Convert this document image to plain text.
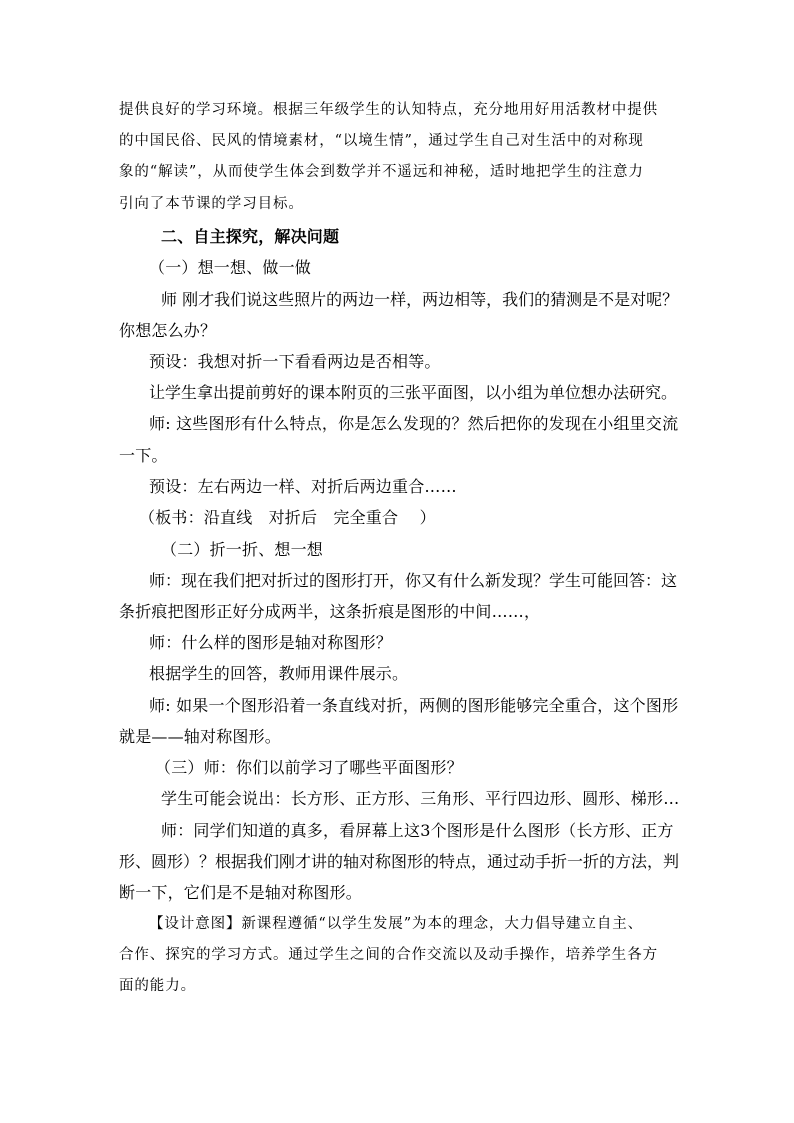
提供良好的学习环境。根据三年级学生的认知特点，充分地用好用活教材中提供
的中国民俗、民风的情境素材，“以境生情”，通过学生自己对生活中的对称现
象的“解读”，从而使学生体会到数学并不遥远和神秘，适时地把学生的注意力
引向了本节课的学习目标。
二、自主探究，解决问题
（一）想一想、做一做
师 刚才我们说这些照片的两边一样，两边相等，我们的猜测是不是对呢？
你想怎么办？
预设：我想对折一下看看两边是否相等。
让学生拿出提前剪好的课本附页的三张平面图，以小组为单位想办法研究。
师: 这些图形有什么特点，你是怎么发现的？然后把你的发现在小组里交流
一下。
预设：左右两边一样、对折后两边重合……
（板书：沿直线　对折后　完全重合　 ）
（二）折一折、想一想
师：现在我们把对折过的图形打开，你又有什么新发现？学生可能回答：这
条折痕把图形正好分成两半，这条折痕是图形的中间……，
师：什么样的图形是轴对称图形？
根据学生的回答，教师用课件展示。
师: 如果一个图形沿着一条直线对折，两侧的图形能够完全重合，这个图形
就是——轴对称图形。
（三）师：你们以前学习了哪些平面图形？
学生可能会说出：长方形、正方形、三角形、平行四边形、圆形、梯形…
师：同学们知道的真多，看屏幕上这3个图形是什么图形（长方形、正方
形、圆形）？根据我们刚才讲的轴对称图形的特点，通过动手折一折的方法，判
断一下，它们是不是轴对称图形。
【设计意图】新课程遵循“以学生发展”为本的理念，大力倡导建立自主、
合作、探究的学习方式。通过学生之间的合作交流以及动手操作，培养学生各方
面的能力。
